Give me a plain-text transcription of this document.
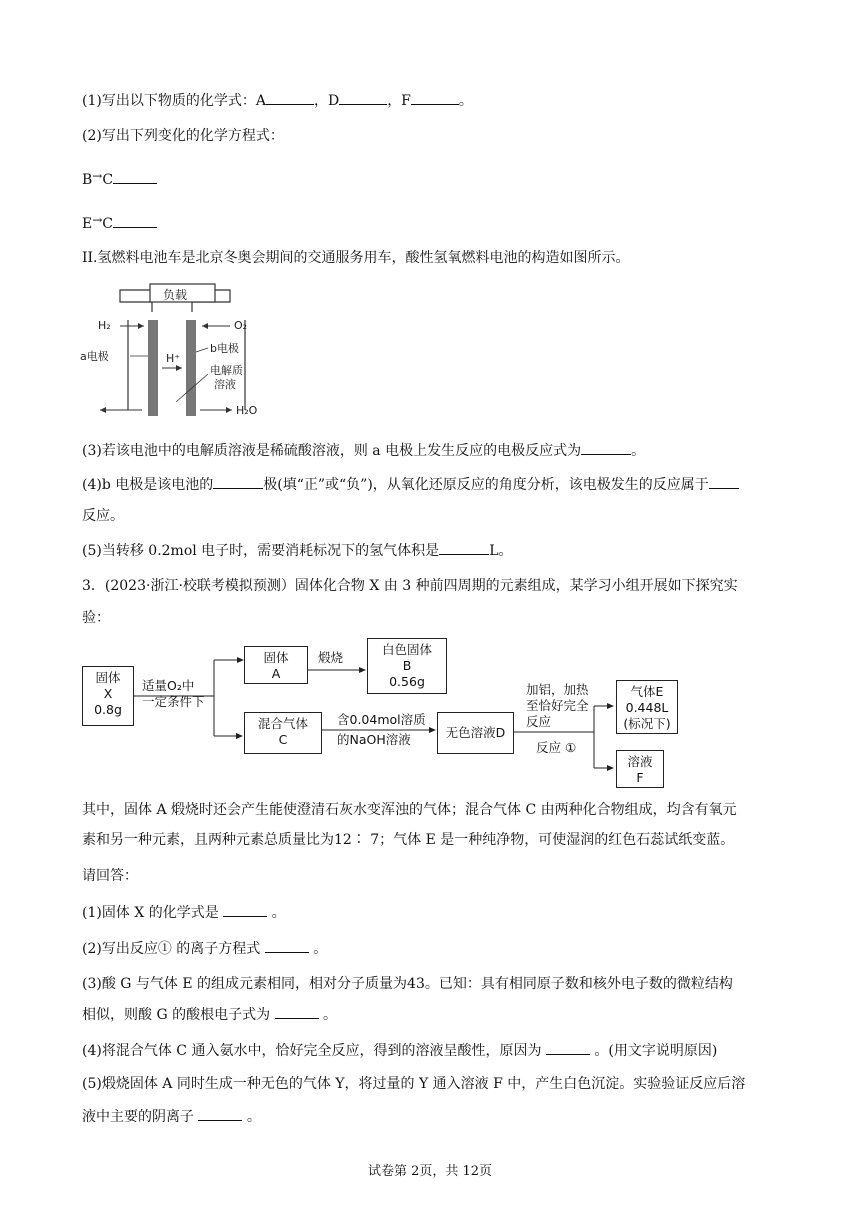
(1)写出以下物质的化学式：A	，D	，F	。
(2)写出下列变化的化学方程式：
B→C
E→C
II.氢燃料电池车是北京冬奥会期间的交通服务用车，酸性氢氧燃料电池的构造如图所示。
负载
H₂	O₂
a电极
b电极
H⁺
电解质
溶液
H₂O
(3)若该电池中的电解质溶液是稀硫酸溶液，则 a 电极上发生反应的电极反应式为	。
(4)b 电极是该电池的	极(填“正”或“负”)，从氧化还原反应的角度分析，该电极发生的反应属于
反应。
(5)当转移 0.2mol 电子时，需要消耗标况下的氢气体积是	L。
3．(2023·浙江·校联考模拟预测）固体化合物 X 由 3 种前四周期的元素组成，某学习小组开展如下探究实
验：
固体
X
0.8g
适量O₂中
一定条件下
固体
A
煅烧
白色固体
B
0.56g
混合气体
C
含0.04mol溶质
的NaOH溶液	无色溶液D
加铝，加热
至恰好完全
反应
反应 ①
气体E
0.448L
(标况下)
溶液
F
其中，固体 A 煅烧时还会产生能使澄清石灰水变浑浊的气体；混合气体 C 由两种化合物组成，均含有氧元
素和另一种元素，且两种元素总质量比为12∶ 7；气体 E 是一种纯净物，可使湿润的红色石蕊试纸变蓝。
请回答：
(1)固体 X 的化学式是	。
(2)写出反应① 的离子方程式	。
(3)酸 G 与气体 E 的组成元素相同，相对分子质量为43。已知：具有相同原子数和核外电子数的微粒结构
相似，则酸 G 的酸根电子式为	。
(4)将混合气体 C 通入氨水中，恰好完全反应，得到的溶液呈酸性，原因为	。(用文字说明原因)
(5)煅烧固体 A 同时生成一种无色的气体 Y，将过量的 Y 通入溶液 F 中，产生白色沉淀。实验验证反应后溶
液中主要的阴离子	。
试卷第 2页，共 12页
